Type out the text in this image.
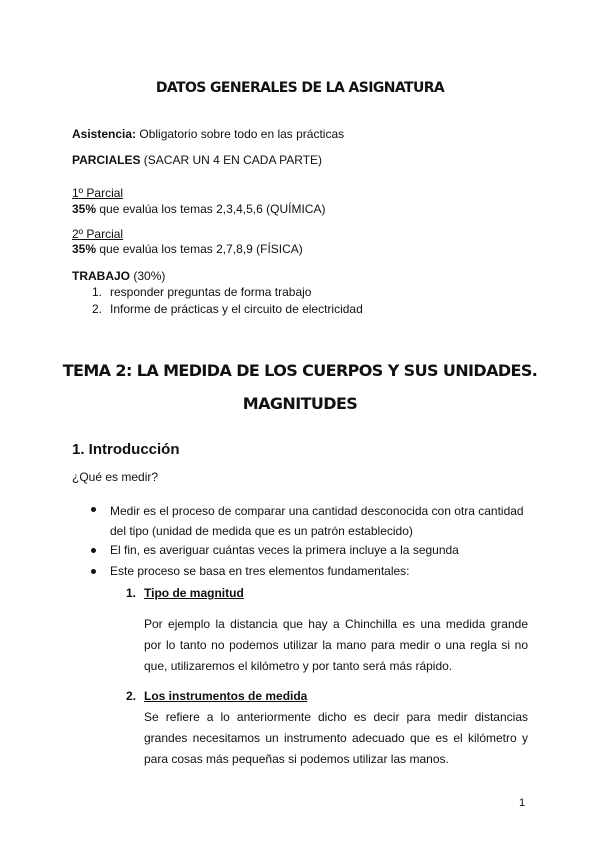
DATOS GENERALES DE LA ASIGNATURA
Asistencia: Obligatorio sobre todo en las prácticas
PARCIALES (SACAR UN 4 EN CADA PARTE)
1º Parcial
35% que evalúa los temas 2,3,4,5,6 (QUÍMICA)
2º Parcial
35% que evalúa los temas 2,7,8,9 (FÍSICA)
TRABAJO (30%)
1. responder preguntas de forma trabajo
2. Informe de prácticas y el circuito de electricidad
TEMA 2: LA MEDIDA DE LOS CUERPOS Y SUS UNIDADES.
MAGNITUDES
1. Introducción
¿Qué es medir?
Medir es el proceso de comparar una cantidad desconocida con otra cantidad
del tipo (unidad de medida que es un patrón establecido)
El fin, es averiguar cuántas veces la primera incluye a la segunda
Este proceso se basa en tres elementos fundamentales:
1. Tipo de magnitud
Por ejemplo la distancia que hay a Chinchilla es una medida grande
por lo tanto no podemos utilizar la mano para medir o una regla si no
que, utilizaremos el kilómetro y por tanto será más rápido.
2. Los instrumentos de medida
Se refiere a lo anteriormente dicho es decir para medir distancias
grandes necesitamos un instrumento adecuado que es el kilómetro y
para cosas más pequeñas si podemos utilizar las manos.
1
